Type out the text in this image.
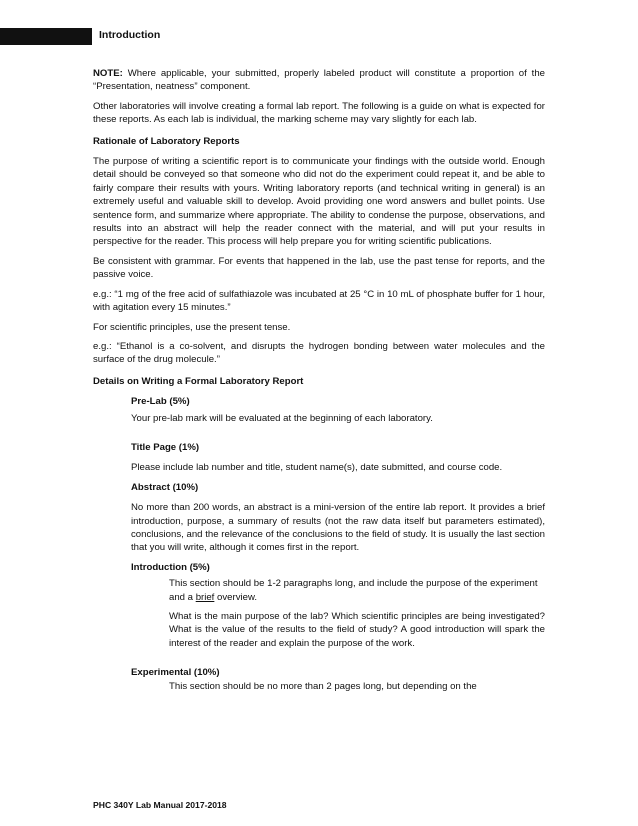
Introduction

NOTE: Where applicable, your submitted, properly labeled product will constitute a proportion of the “Presentation, neatness” component.

Other laboratories will involve creating a formal lab report. The following is a guide on what is expected for these reports. As each lab is individual, the marking scheme may vary slightly for each lab.

Rationale of Laboratory Reports

The purpose of writing a scientific report is to communicate your findings with the outside world. Enough detail should be conveyed so that someone who did not do the experiment could repeat it, and be able to fairly compare their results with yours. Writing laboratory reports (and technical writing in general) is an extremely useful and valuable skill to develop. Avoid providing one word answers and bullet points. Use sentence form, and summarize where appropriate. The ability to condense the purpose, observations, and results into an abstract will help the reader connect with the material, and will put your results in perspective for the reader. This process will help prepare you for writing scientific publications.

Be consistent with grammar. For events that happened in the lab, use the past tense for reports, and the passive voice.

e.g.: “1 mg of the free acid of sulfathiazole was incubated at 25 °C in 10 mL of phosphate buffer for 1 hour, with agitation every 15 minutes.”

For scientific principles, use the present tense.

e.g.: “Ethanol is a co-solvent, and disrupts the hydrogen bonding between water molecules and the surface of the drug molecule.”

Details on Writing a Formal Laboratory Report

Pre-Lab (5%)

Your pre-lab mark will be evaluated at the beginning of each laboratory.

Title Page (1%)

Please include lab number and title, student name(s), date submitted, and course code.

Abstract (10%)

No more than 200 words, an abstract is a mini-version of the entire lab report. It provides a brief introduction, purpose, a summary of results (not the raw data itself but parameters estimated), conclusions, and the relevance of the conclusions to the field of study. It is usually the last section that you will write, although it comes first in the report.

Introduction (5%)

This section should be 1-2 paragraphs long, and include the purpose of the experiment and a brief overview.

What is the main purpose of the lab? Which scientific principles are being investigated? What is the value of the results to the field of study? A good introduction will spark the interest of the reader and explain the purpose of the work.

Experimental (10%)

This section should be no more than 2 pages long, but depending on the

PHC 340Y Lab Manual 2017-2018
